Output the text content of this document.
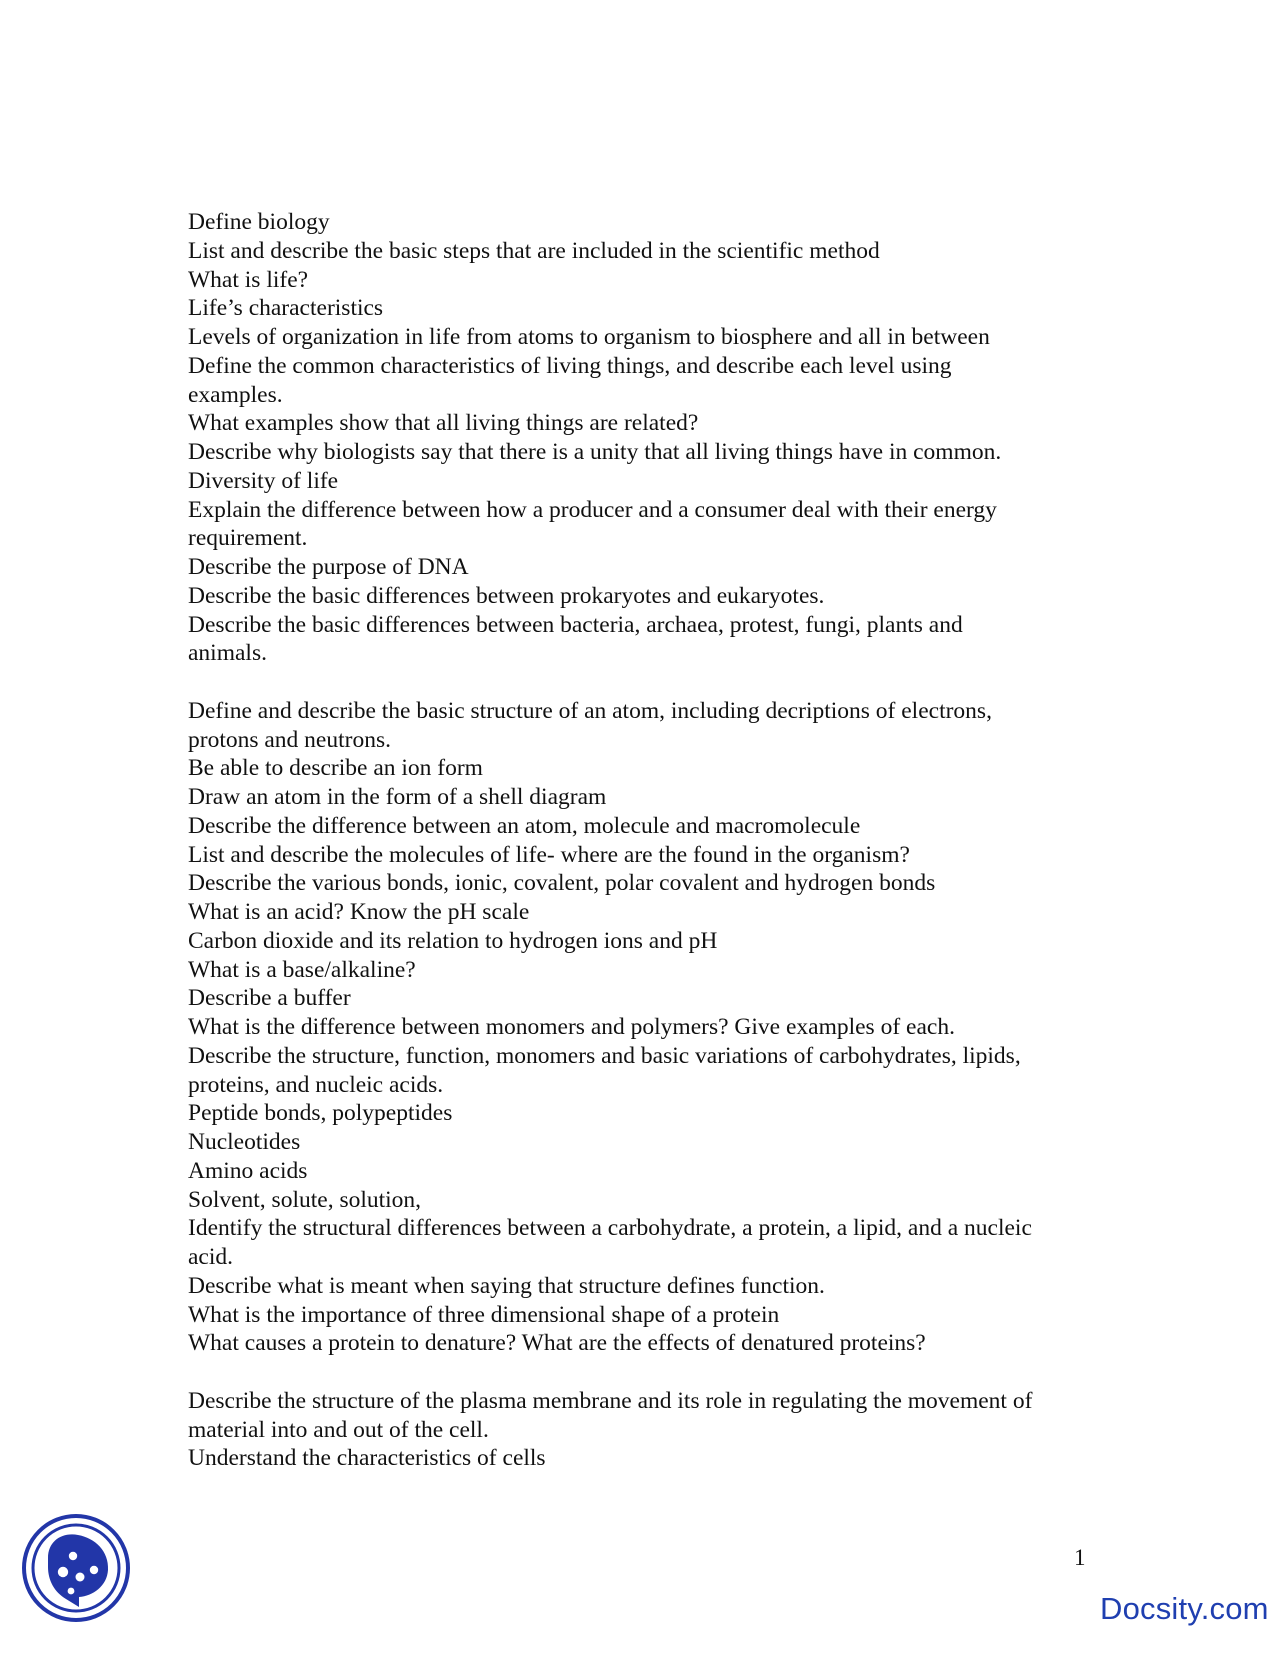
Define biology
List and describe the basic steps that are included in the scientific method
What is life?
Life’s characteristics
Levels of organization in life from atoms to organism to biosphere and all in between
Define the common characteristics of living things, and describe each level using
examples.
What examples show that all living things are related?
Describe why biologists say that there is a unity that all living things have in common.
Diversity of life
Explain the difference between how a producer and a consumer deal with their energy
requirement.
Describe the purpose of DNA
Describe the basic differences between prokaryotes and eukaryotes.
Describe the basic differences between bacteria, archaea, protest, fungi, plants and
animals.
Define and describe the basic structure of an atom, including decriptions of electrons,
protons and neutrons.
Be able to describe an ion form
Draw an atom in the form of a shell diagram
Describe the difference between an atom, molecule and macromolecule
List and describe the molecules of life- where are the found in the organism?
Describe the various bonds, ionic, covalent, polar covalent and hydrogen bonds
What is an acid? Know the pH scale
Carbon dioxide and its relation to hydrogen ions and pH
What is a base/alkaline?
Describe a buffer
What is the difference between monomers and polymers? Give examples of each.
Describe the structure, function, monomers and basic variations of carbohydrates, lipids,
proteins, and nucleic acids.
Peptide bonds, polypeptides
Nucleotides
Amino acids
Solvent, solute, solution,
Identify the structural differences between a carbohydrate, a protein, a lipid, and a nucleic
acid.
Describe what is meant when saying that structure defines function.
What is the importance of three dimensional shape of a protein
What causes a protein to denature? What are the effects of denatured proteins?
Describe the structure of the plasma membrane and its role in regulating the movement of
material into and out of the cell.
Understand the characteristics of cells
1
Docsity.com
